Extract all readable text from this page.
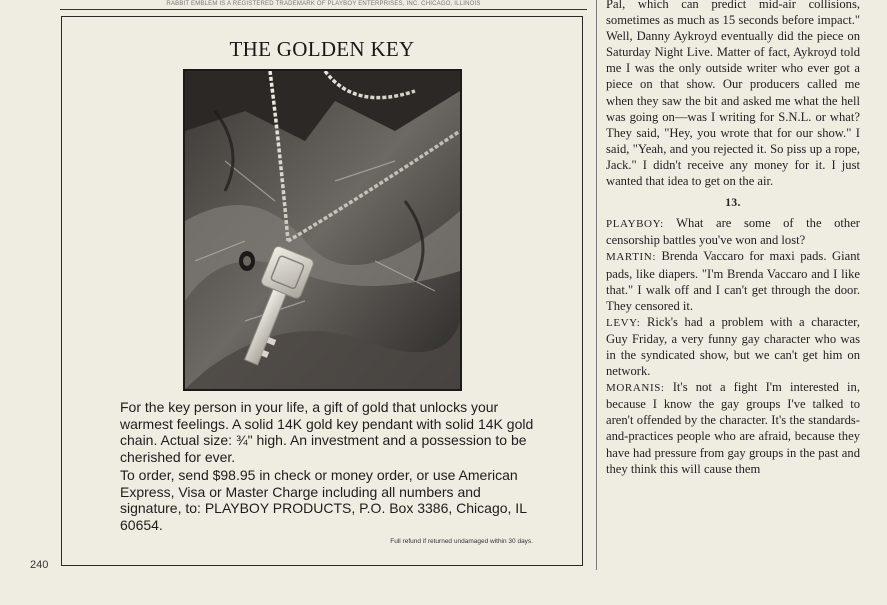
RABBIT EMBLEM IS A REGISTERED TRADEMARK OF PLAYBOY ENTERPRISES, INC. CHICAGO, ILLINOIS
THE GOLDEN KEY

For the key person in your life, a gift of gold that unlocks your warmest feelings. A solid 14K gold key pendant with solid 14K gold chain. Actual size: ¾" high. An investment and a possession to be cherished for ever.

To order, send $98.95 in check or money order, or use American Express, Visa or Master Charge including all numbers and signature, to: PLAYBOY PRODUCTS, P.O. Box 3386, Chicago, IL 60654.

Full refund if returned undamaged within 30 days.
240

Pal, which can predict mid-air collisions, sometimes as much as 15 seconds before impact." Well, Danny Aykroyd eventually did the piece on Saturday Night Live. Matter of fact, Aykroyd told me I was the only outside writer who ever got a piece on that show. Our producers called me when they saw the bit and asked me what the hell was going on—was I writing for S.N.L. or what? They said, "Hey, you wrote that for our show." I said, "Yeah, and you rejected it. So piss up a rope, Jack." I didn't receive any money for it. I just wanted that idea to get on the air.

13.

PLAYBOY: What are some of the other censorship battles you've won and lost?

MARTIN: Brenda Vaccaro for maxi pads. Giant pads, like diapers. "I'm Brenda Vaccaro and I like that." I walk off and I can't get through the door. They censored it.

LEVY: Rick's had a problem with a character, Guy Friday, a very funny gay character who was in the syndicated show, but we can't get him on network.

MORANIS: It's not a fight I'm interested in, because I know the gay groups I've talked to aren't offended by the character. It's the standards-and-practices people who are afraid, because they have had pressure from gay groups in the past and they think this will cause them
